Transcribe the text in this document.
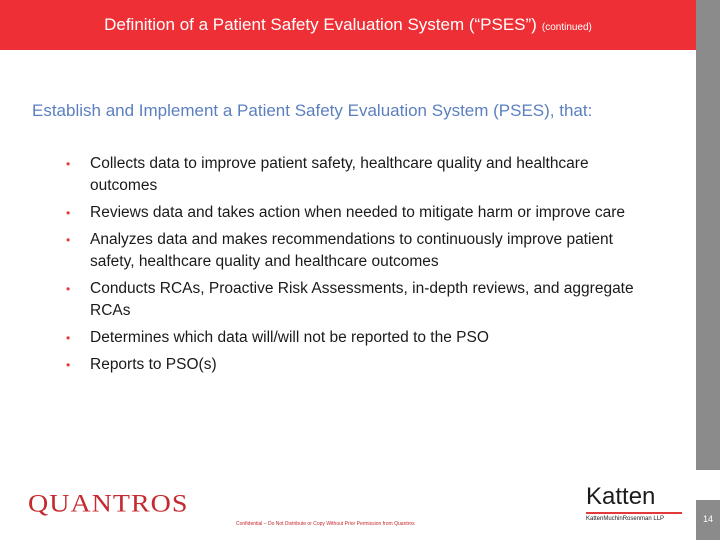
Definition of a Patient Safety Evaluation System (“PSES”) (continued)
14
Establish and Implement a Patient Safety Evaluation System (PSES), that:
• Collects data to improve patient safety, healthcare quality and healthcare outcomes
• Reviews data and takes action when needed to mitigate harm or improve care
• Analyzes data and makes recommendations to continuously improve patient safety, healthcare quality and healthcare outcomes
• Conducts RCAs, Proactive Risk Assessments, in-depth reviews, and aggregate RCAs
• Determines which data will/will not be reported to the PSO
• Reports to PSO(s)
QUANTROS
Confidential – Do Not Distribute or Copy Without Prior Permission from Quantros
Katten
KattenMuchinRosenman LLP
